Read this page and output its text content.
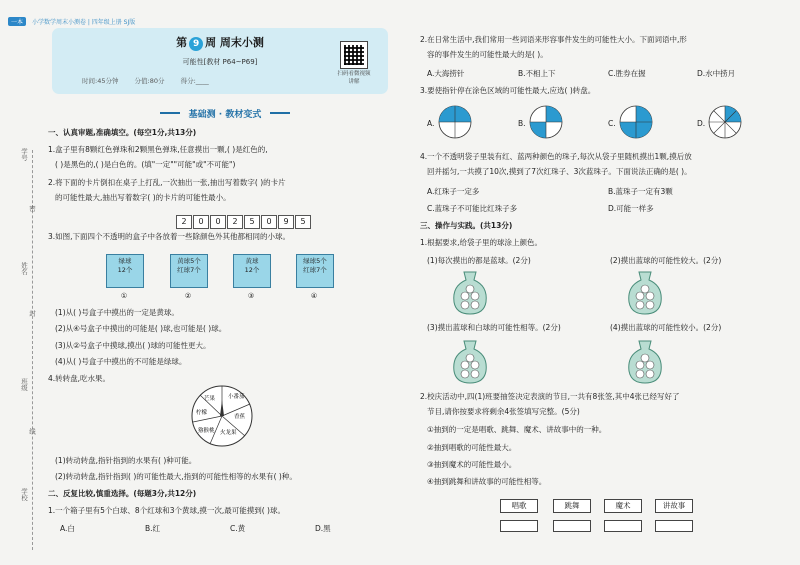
一本 小学数学周末小测卷 | 四年级上册 SJ版
第 9 周 周末小测
可能性[教材 P64~P69]
时间:45分钟 分值:80分 得分:____
扫码看微视频讲解
基础测 · 教材变式
学号
姓名
班级
学校
密
封
线
一、认真审题,准确填空。(每空1分,共13分)
1.盒子里有8颗红色弹珠和2颗黑色弹珠,任意摸出一颗,( )是红色的,
( )是黑色的,( )是白色的。(填"一定""可能"或"不可能")
2.将下面的卡片倒扣在桌子上打乱,一次抽出一张,抽出写着数字( )的卡片
的可能性最大,抽出写着数字( )的卡片的可能性最小。
2 0 0 2 5 0 9 5
3.如图,下面四个不透明的盒子中各放着一些除颜色外其他都相同的小球。
绿球
12个
①
黄球5个
红球7个
②
黄球
12个
③
绿球5个
红球7个
④
(1)从( )号盒子中摸出的一定是黄球。
(2)从④号盒子中摸出的可能是( )球,也可能是( )球。
(3)从②号盒子中摸球,摸出( )球的可能性更大。
(4)从( )号盒子中摸出的不可能是绿球。
4.转转盘,吃水果。
小番茄
香蕉
火龙果
猕猴桃
柠檬
芒果
(1)转动转盘,指针指到的水果有( )种可能。
(2)转动转盘,指针指到( )的可能性最大,指到的可能性相等的水果有( )种。
二、反复比较,慎重选择。(每题3分,共12分)
1.一个箱子里有5个白球、8个红球和3个黄球,摸一次,最可能摸到( )球。
A.白	B.红	C.黄	D.黑
2.在日常生活中,我们常用一些词语来形容事件发生的可能性大小。下面词语中,形
容的事件发生的可能性最大的是( )。
A.大海捞针	B.不相上下	C.胜券在握	D.水中捞月
3.要使指针停在涂色区域的可能性最大,应选( )转盘。
A.	B.	C.	D.
4.一个不透明袋子里装有红、蓝两种颜色的珠子,每次从袋子里随机摸出1颗,摸后放
回并摇匀,一共摸了10次,摸到了7次红珠子、3次蓝珠子。下面说法正确的是( )。
A.红珠子一定多	B.蓝珠子一定有3颗
C.蓝珠子不可能比红珠子多	D.可能一样多
三、操作与实践。(共13分)
1.根据要求,给袋子里的球涂上颜色。
(1)每次摸出的都是蓝球。(2分)	(2)摸出蓝球的可能性较大。(2分)
(3)摸出蓝球和白球的可能性相等。(2分)	(4)摸出蓝球的可能性较小。(2分)
2.校庆活动中,四(1)班要抽签决定表演的节目,一共有8张签,其中4张已经写好了
节目,请你按要求将剩余4张签填写完整。(5分)
①抽到的一定是唱歌、跳舞、魔术、讲故事中的一种。
②抽到唱歌的可能性最大。
③抽到魔术的可能性最小。
④抽到跳舞和讲故事的可能性相等。
唱歌	跳舞	魔术	讲故事
